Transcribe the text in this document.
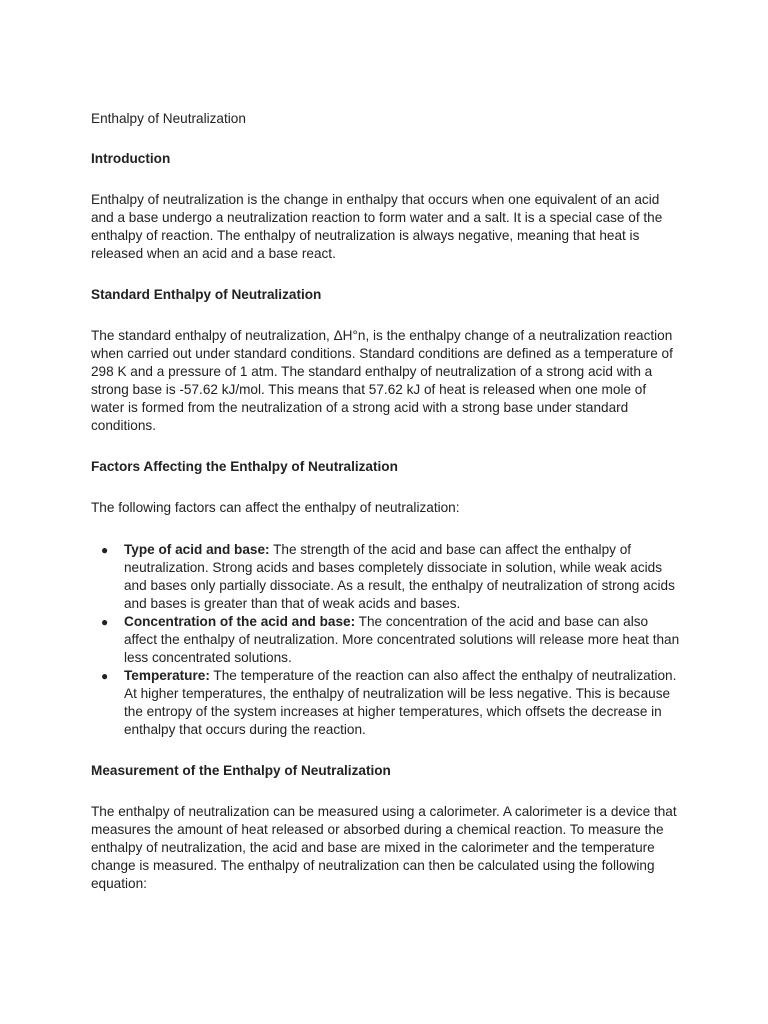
Enthalpy of Neutralization

Introduction

Enthalpy of neutralization is the change in enthalpy that occurs when one equivalent of an acid and a base undergo a neutralization reaction to form water and a salt. It is a special case of the enthalpy of reaction. The enthalpy of neutralization is always negative, meaning that heat is released when an acid and a base react.

Standard Enthalpy of Neutralization

The standard enthalpy of neutralization, ΔH°n, is the enthalpy change of a neutralization reaction when carried out under standard conditions. Standard conditions are defined as a temperature of 298 K and a pressure of 1 atm. The standard enthalpy of neutralization of a strong acid with a strong base is -57.62 kJ/mol. This means that 57.62 kJ of heat is released when one mole of water is formed from the neutralization of a strong acid with a strong base under standard conditions.

Factors Affecting the Enthalpy of Neutralization

The following factors can affect the enthalpy of neutralization:

● Type of acid and base: The strength of the acid and base can affect the enthalpy of neutralization. Strong acids and bases completely dissociate in solution, while weak acids and bases only partially dissociate. As a result, the enthalpy of neutralization of strong acids and bases is greater than that of weak acids and bases.
● Concentration of the acid and base: The concentration of the acid and base can also affect the enthalpy of neutralization. More concentrated solutions will release more heat than less concentrated solutions.
● Temperature: The temperature of the reaction can also affect the enthalpy of neutralization. At higher temperatures, the enthalpy of neutralization will be less negative. This is because the entropy of the system increases at higher temperatures, which offsets the decrease in enthalpy that occurs during the reaction.

Measurement of the Enthalpy of Neutralization

The enthalpy of neutralization can be measured using a calorimeter. A calorimeter is a device that measures the amount of heat released or absorbed during a chemical reaction. To measure the enthalpy of neutralization, the acid and base are mixed in the calorimeter and the temperature change is measured. The enthalpy of neutralization can then be calculated using the following equation:
